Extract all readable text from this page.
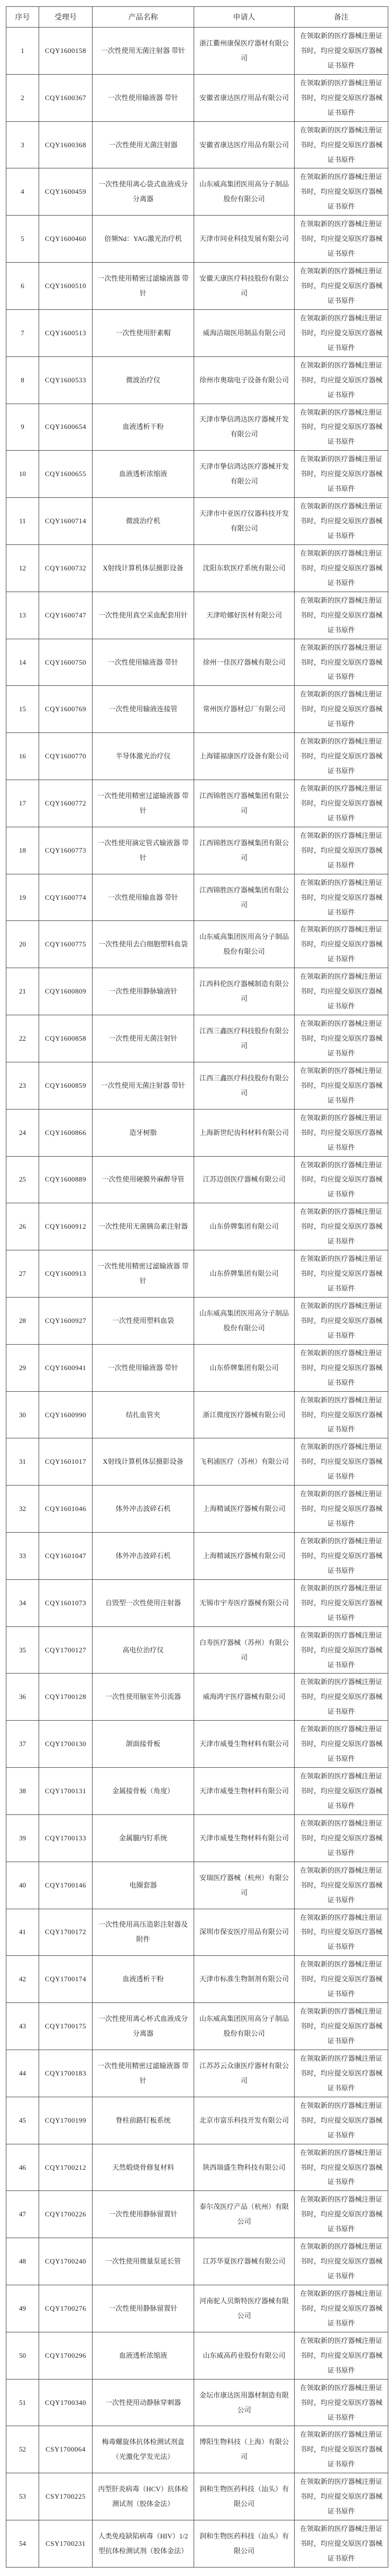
序号	受理号	产品名称	申请人	备注
1	CQY1600158	一次性使用无菌注射器 带针	浙江衢州康保医疗器材有限公司	在领取新的医疗器械注册证书时，均应提交原医疗器械证书原件
2	CQY1600367	一次性使用输液器 带针	安徽省康达医疗用品有限公司	在领取新的医疗器械注册证书时，均应提交原医疗器械证书原件
3	CQY1600368	一次性使用无菌注射器	安徽省康达医疗用品有限公司	在领取新的医疗器械注册证书时，均应提交原医疗器械证书原件
4	CQY1600459	一次性使用离心袋式血液成分分离器	山东威高集团医用高分子制品股份有限公司	在领取新的医疗器械注册证书时，均应提交原医疗器械证书原件
5	CQY1600460	倍频Nd：YAG激光治疗机	天津市同业科技发展有限公司	在领取新的医疗器械注册证书时，均应提交原医疗器械证书原件
6	CQY1600510	一次性使用精密过滤输液器 带针	安徽天康医疗科技股份有限公司	在领取新的医疗器械注册证书时，均应提交原医疗器械证书原件
7	CQY1600513	一次性使用肝素帽	威海洁瑞医用制品有限公司	在领取新的医疗器械注册证书时，均应提交原医疗器械证书原件
8	CQY1600533	微波治疗仪	徐州市奥瑞电子设备有限公司	在领取新的医疗器械注册证书时，均应提交原医疗器械证书原件
9	CQY1600654	血液透析干粉	天津市挚信鸿达医疗器械开发有限公司	在领取新的医疗器械注册证书时，均应提交原医疗器械证书原件
10	CQY1600655	血液透析浓缩液	天津市挚信鸿达医疗器械开发有限公司	在领取新的医疗器械注册证书时，均应提交原医疗器械证书原件
11	CQY1600714	微波治疗机	天津市中亚医疗仪器科技开发有限公司	在领取新的医疗器械注册证书时，均应提交原医疗器械证书原件
12	CQY1600732	X射线计算机体层摄影设备	沈阳东软医疗系统有限公司	在领取新的医疗器械注册证书时，均应提交原医疗器械证书原件
13	CQY1600747	一次性使用真空采血配套用针	天津哈娜好医材有限公司	在领取新的医疗器械注册证书时，均应提交原医疗器械证书原件
14	CQY1600750	一次性使用输液器 带针	徐州一佳医疗器械有限公司	在领取新的医疗器械注册证书时，均应提交原医疗器械证书原件
15	CQY1600769	一次性使用输液连接管	常州医疗器材总厂有限公司	在领取新的医疗器械注册证书时，均应提交原医疗器械证书原件
16	CQY1600770	半导体激光治疗仪	上海镭福康医疗设备有限公司	在领取新的医疗器械注册证书时，均应提交原医疗器械证书原件
17	CQY1600772	一次性使用精密过滤输液器 带针	江西锦胜医疗器械集团有限公司	在领取新的医疗器械注册证书时，均应提交原医疗器械证书原件
18	CQY1600773	一次性使用滴定管式输液器 带针	江西锦胜医疗器械集团有限公司	在领取新的医疗器械注册证书时，均应提交原医疗器械证书原件
19	CQY1600774	一次性使用输血器 带针	江西锦胜医疗器械集团有限公司	在领取新的医疗器械注册证书时，均应提交原医疗器械证书原件
20	CQY1600775	一次性使用去白细胞塑料血袋	山东威高集团医用高分子制品股份有限公司	在领取新的医疗器械注册证书时，均应提交原医疗器械证书原件
21	CQY1600809	一次性使用静脉输液针	江西科伦医疗器械制造有限公司	在领取新的医疗器械注册证书时，均应提交原医疗器械证书原件
22	CQY1600858	一次性使用无菌注射针	江西三鑫医疗科技股份有限公司	在领取新的医疗器械注册证书时，均应提交原医疗器械证书原件
23	CQY1600859	一次性使用无菌注射器 带针	江西三鑫医疗科技股份有限公司	在领取新的医疗器械注册证书时，均应提交原医疗器械证书原件
24	CQY1600866	造牙树脂	上海新世纪齿科材料有限公司	在领取新的医疗器械注册证书时，均应提交原医疗器械证书原件
25	CQY1600889	一次性使用硬膜外麻醉导管	江苏迈创医疗器械有限公司	在领取新的医疗器械注册证书时，均应提交原医疗器械证书原件
26	CQY1600912	一次性使用无菌胰岛素注射器	山东侨牌集团有限公司	在领取新的医疗器械注册证书时，均应提交原医疗器械证书原件
27	CQY1600913	一次性使用精密过滤输液器 带针	山东侨牌集团有限公司	在领取新的医疗器械注册证书时，均应提交原医疗器械证书原件
28	CQY1600927	一次性使用塑料血袋	山东威高集团医用高分子制品股份有限公司	在领取新的医疗器械注册证书时，均应提交原医疗器械证书原件
29	CQY1600941	一次性使用输液器 带针	山东侨牌集团有限公司	在领取新的医疗器械注册证书时，均应提交原医疗器械证书原件
30	CQY1600990	结扎血管夹	浙江微度医疗器械有限公司	在领取新的医疗器械注册证书时，均应提交原医疗器械证书原件
31	CQY1601017	X射线计算机体层摄影设备	飞利浦医疗（苏州）有限公司	在领取新的医疗器械注册证书时，均应提交原医疗器械证书原件
32	CQY1601046	体外冲击波碎石机	上海精诚医疗器械有限公司	在领取新的医疗器械注册证书时，均应提交原医疗器械证书原件
33	CQY1601047	体外冲击波碎石机	上海精诚医疗器械有限公司	在领取新的医疗器械注册证书时，均应提交原医疗器械证书原件
34	CQY1601073	自毁型一次性使用注射器	无锡市宇寿医疗器械有限公司	在领取新的医疗器械注册证书时，均应提交原医疗器械证书原件
35	CQY1700127	高电位治疗仪	白寿医疗器械（苏州）有限公司	在领取新的医疗器械注册证书时，均应提交原医疗器械证书原件
36	CQY1700128	一次性使用脑室外引流器	威海鸿宇医疗器械有限公司	在领取新的医疗器械注册证书时，均应提交原医疗器械证书原件
37	CQY1700130	颌面接骨板	天津市威曼生物材料有限公司	在领取新的医疗器械注册证书时，均应提交原医疗器械证书原件
38	CQY1700131	金属接骨板（角度）	天津市威曼生物材料有限公司	在领取新的医疗器械注册证书时，均应提交原医疗器械证书原件
39	CQY1700133	金属髓内钉系统	天津市威曼生物材料有限公司	在领取新的医疗器械注册证书时，均应提交原医疗器械证书原件
40	CQY1700146	电圈套器	安瑞医疗器械（杭州）有限公司	在领取新的医疗器械注册证书时，均应提交原医疗器械证书原件
41	CQY1700172	一次性使用高压造影注射器及附件	深圳市保安医疗用品有限公司	在领取新的医疗器械注册证书时，均应提交原医疗器械证书原件
42	CQY1700174	血液透析干粉	天津市标准生物制剂有限公司	在领取新的医疗器械注册证书时，均应提交原医疗器械证书原件
43	CQY1700175	一次性使用离心杯式血液成分分离器	山东威高集团医用高分子制品股份有限公司	在领取新的医疗器械注册证书时，均应提交原医疗器械证书原件
44	CQY1700183	一次性使用精密过滤输液器 带针	江苏苏云众康医疗器材有限公司	在领取新的医疗器械注册证书时，均应提交原医疗器械证书原件
45	CQY1700199	脊柱前路钉板系统	北京市富乐科技开发有限公司	在领取新的医疗器械注册证书时，均应提交原医疗器械证书原件
46	CQY1700212	天然煅烧骨修复材料	陕西瑞盛生物科技有限公司	在领取新的医疗器械注册证书时，均应提交原医疗器械证书原件
47	CQY1700226	一次性使用静脉留置针	泰尔茂医疗产品（杭州）有限公司	在领取新的医疗器械注册证书时，均应提交原医疗器械证书原件
48	CQY1700240	一次性使用微量泵延长管	江苏华夏医疗器械有限公司	在领取新的医疗器械注册证书时，均应提交原医疗器械证书原件
49	CQY1700276	一次性使用静脉留置针	河南驼人贝斯特医疗器械有限公司	在领取新的医疗器械注册证书时，均应提交原医疗器械证书原件
50	CQY1700296	血液透析浓缩液	山东威高药业股份有限公司	在领取新的医疗器械注册证书时，均应提交原医疗器械证书原件
51	CQY1700340	一次性使用动静脉穿刺器	金坛市康达医用器材制造有限公司	在领取新的医疗器械注册证书时，均应提交原医疗器械证书原件
52	CSY1700064	梅毒螺旋体抗体检测试剂盒（光激化学发光法）	博阳生物科技（上海）有限公司	在领取新的医疗器械注册证书时，均应提交原医疗器械证书原件
53	CSY1700225	丙型肝炎病毒（HCV）抗体检测试剂（胶体金法）	润和生物医药科技（汕头）有限公司	在领取新的医疗器械注册证书时，均应提交原医疗器械证书原件
54	CSY1700231	人类免疫缺陷病毒（HIV）1/2型抗体检测试剂（胶体金法）	润和生物医药科技（汕头）有限公司	在领取新的医疗器械注册证书时，均应提交原医疗器械证书原件
